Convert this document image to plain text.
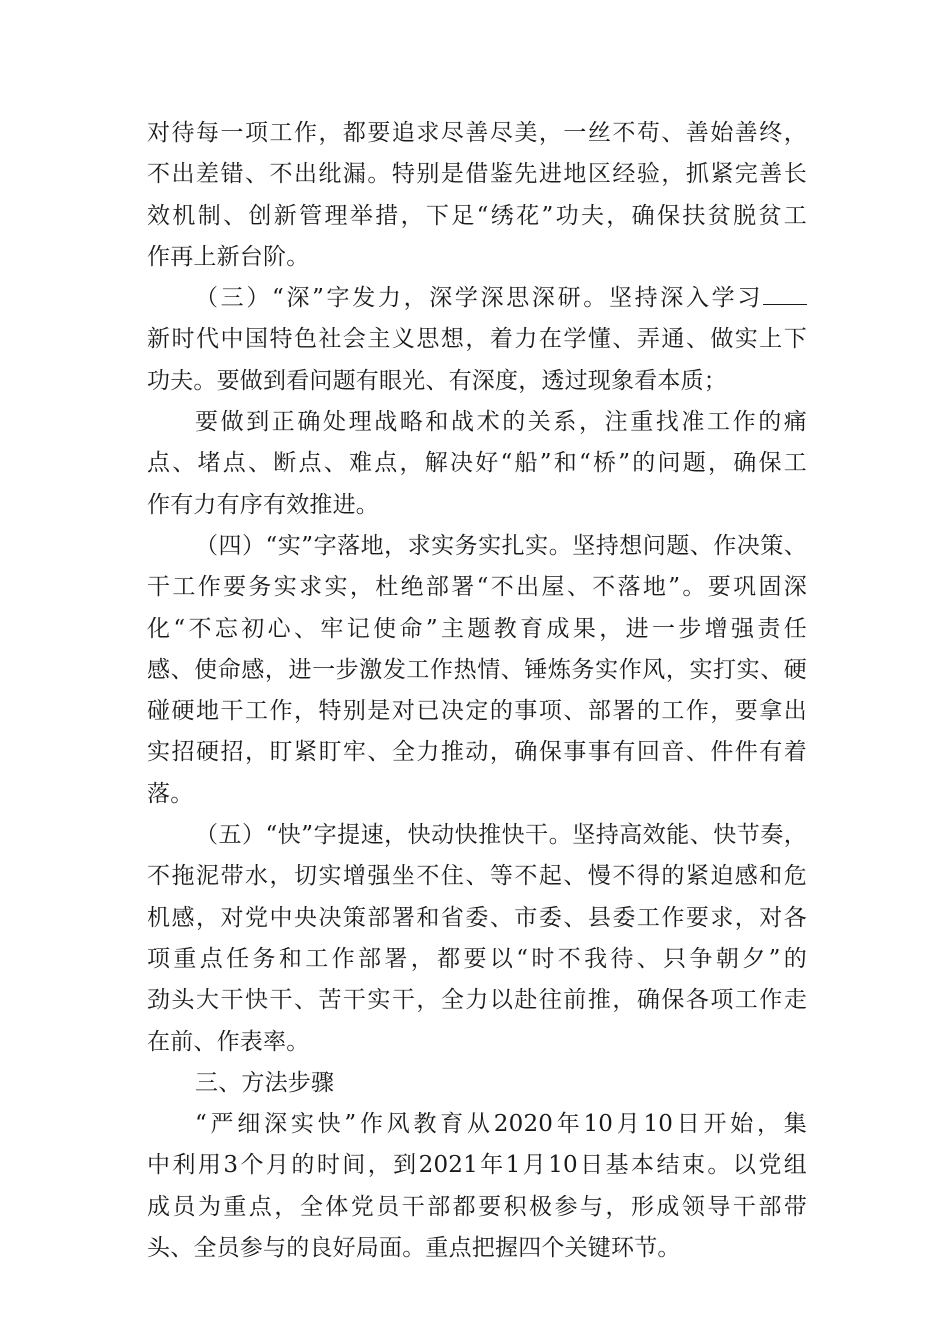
对待每一项工作，都要追求尽善尽美，一丝不苟、善始善终，
不出差错、不出纰漏。特别是借鉴先进地区经验，抓紧完善长
效机制、创新管理举措，下足“绣花”功夫，确保扶贫脱贫工
作再上新台阶。
（三）“深”字发力，深学深思深研。坚持深入学习
新时代中国特色社会主义思想，着力在学懂、弄通、做实上下
功夫。要做到看问题有眼光、有深度，透过现象看本质；
要做到正确处理战略和战术的关系，注重找准工作的痛
点、堵点、断点、难点，解决好“船”和“桥”的问题，确保工
作有力有序有效推进。
（四）“实”字落地，求实务实扎实。坚持想问题、作决策、
干工作要务实求实，杜绝部署“不出屋、不落地”。要巩固深
化“不忘初心、牢记使命”主题教育成果，进一步增强责任
感、使命感，进一步激发工作热情、锤炼务实作风，实打实、硬
碰硬地干工作，特别是对已决定的事项、部署的工作，要拿出
实招硬招，盯紧盯牢、全力推动，确保事事有回音、件件有着
落。
（五）“快”字提速，快动快推快干。坚持高效能、快节奏，
不拖泥带水，切实增强坐不住、等不起、慢不得的紧迫感和危
机感，对党中央决策部署和省委、市委、县委工作要求，对各
项重点任务和工作部署，都要以“时不我待、只争朝夕”的
劲头大干快干、苦干实干，全力以赴往前推，确保各项工作走
在前、作表率。
三、方法步骤
“严细深实快”作风教育从2020年10月10日开始，集
中利用3个月的时间，到2021年1月10日基本结束。以党组
成员为重点，全体党员干部都要积极参与，形成领导干部带
头、全员参与的良好局面。重点把握四个关键环节。
